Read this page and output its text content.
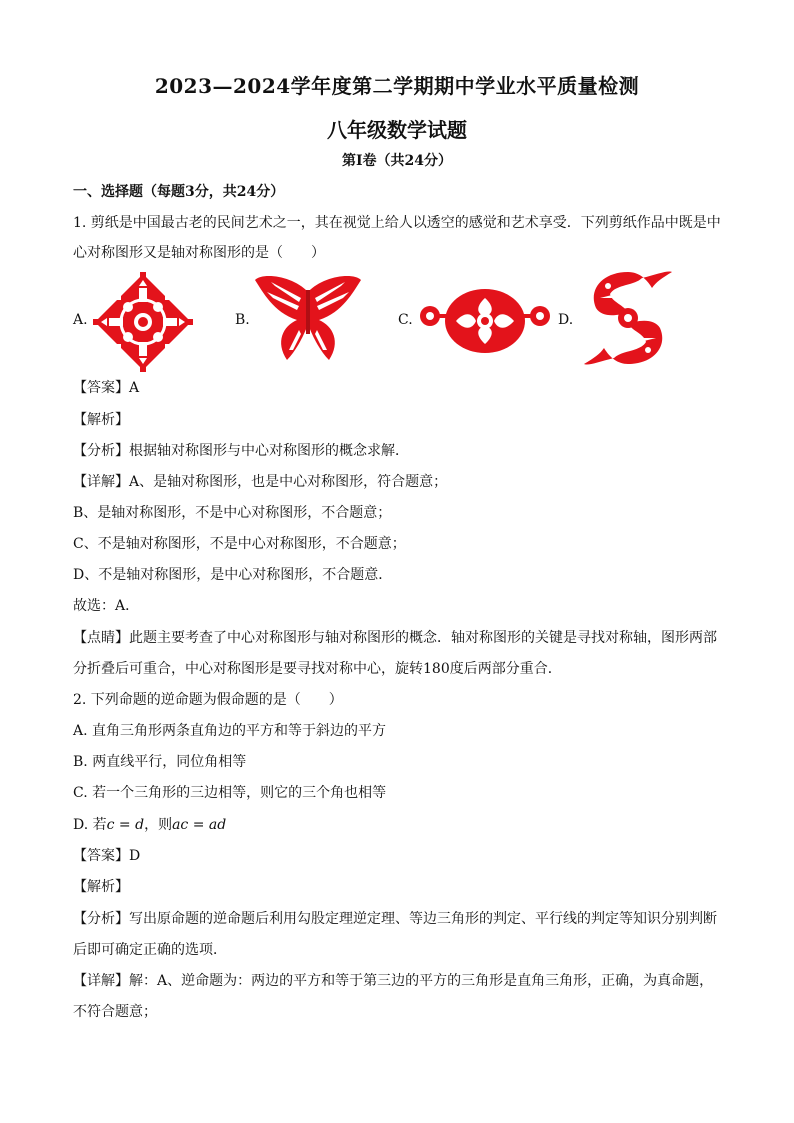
2023—2024学年度第二学期期中学业水平质量检测
八年级数学试题
第Ⅰ卷（共24分）
一、选择题（每题3分，共24分）
1. 剪纸是中国最古老的民间艺术之一，其在视觉上给人以透空的感觉和艺术享受．下列剪纸作品中既是中
心对称图形又是轴对称图形的是（　　）
A.	B.	C.	D.
【答案】A
【解析】
【分析】根据轴对称图形与中心对称图形的概念求解．
【详解】A、是轴对称图形，也是中心对称图形，符合题意；
B、是轴对称图形，不是中心对称图形，不合题意；
C、不是轴对称图形，不是中心对称图形，不合题意；
D、不是轴对称图形，是中心对称图形，不合题意．
故选：A．
【点睛】此题主要考查了中心对称图形与轴对称图形的概念．轴对称图形的关键是寻找对称轴，图形两部
分折叠后可重合，中心对称图形是要寻找对称中心，旋转180度后两部分重合．
2. 下列命题的逆命题为假命题的是（　　）
A. 直角三角形两条直角边的平方和等于斜边的平方
B. 两直线平行，同位角相等
C. 若一个三角形的三边相等，则它的三个角也相等
D. 若c = d，则ac = ad
【答案】D
【解析】
【分析】写出原命题的逆命题后利用勾股定理逆定理、等边三角形的判定、平行线的判定等知识分别判断
后即可确定正确的选项．
【详解】解：A、逆命题为：两边的平方和等于第三边的平方的三角形是直角三角形，正确，为真命题，
不符合题意；
